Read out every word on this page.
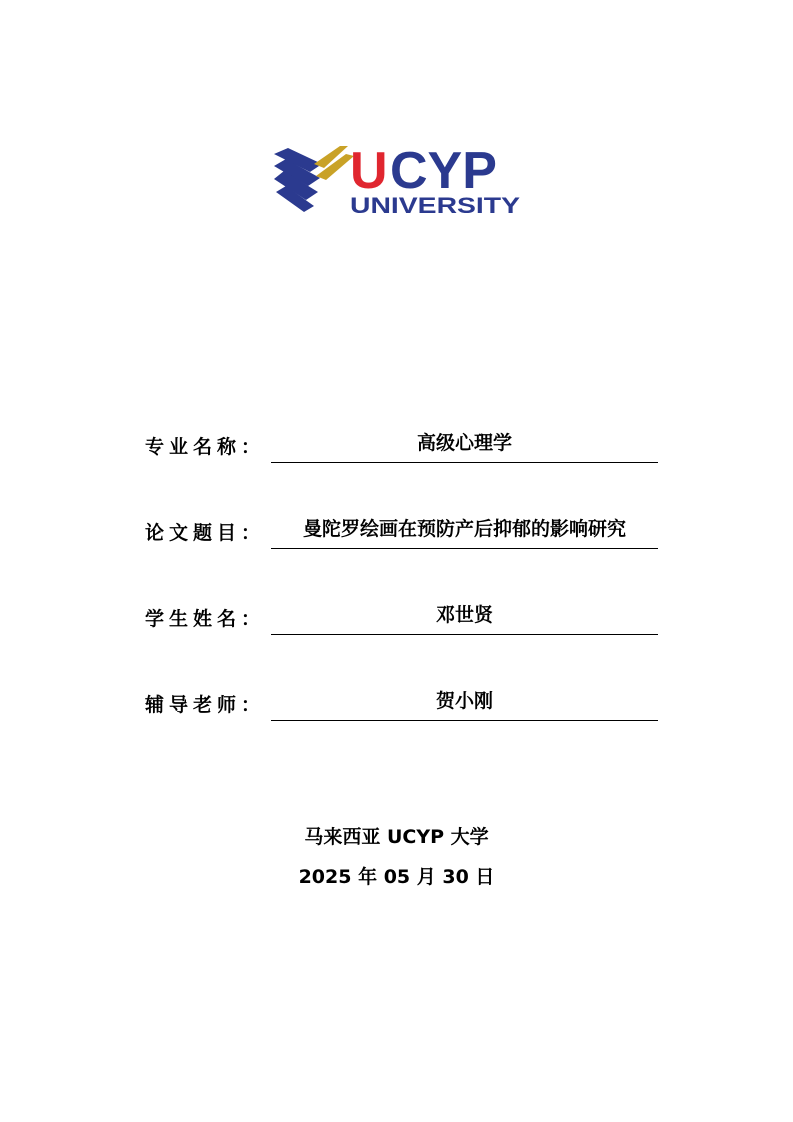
U CYP
UNIVERSITY
专业名称：	高级心理学
论文题目：	曼陀罗绘画在预防产后抑郁的影响研究
学生姓名：	邓世贤
辅导老师：	贺小刚
马来西亚 UCYP 大学
2025 年 05 月 30 日
